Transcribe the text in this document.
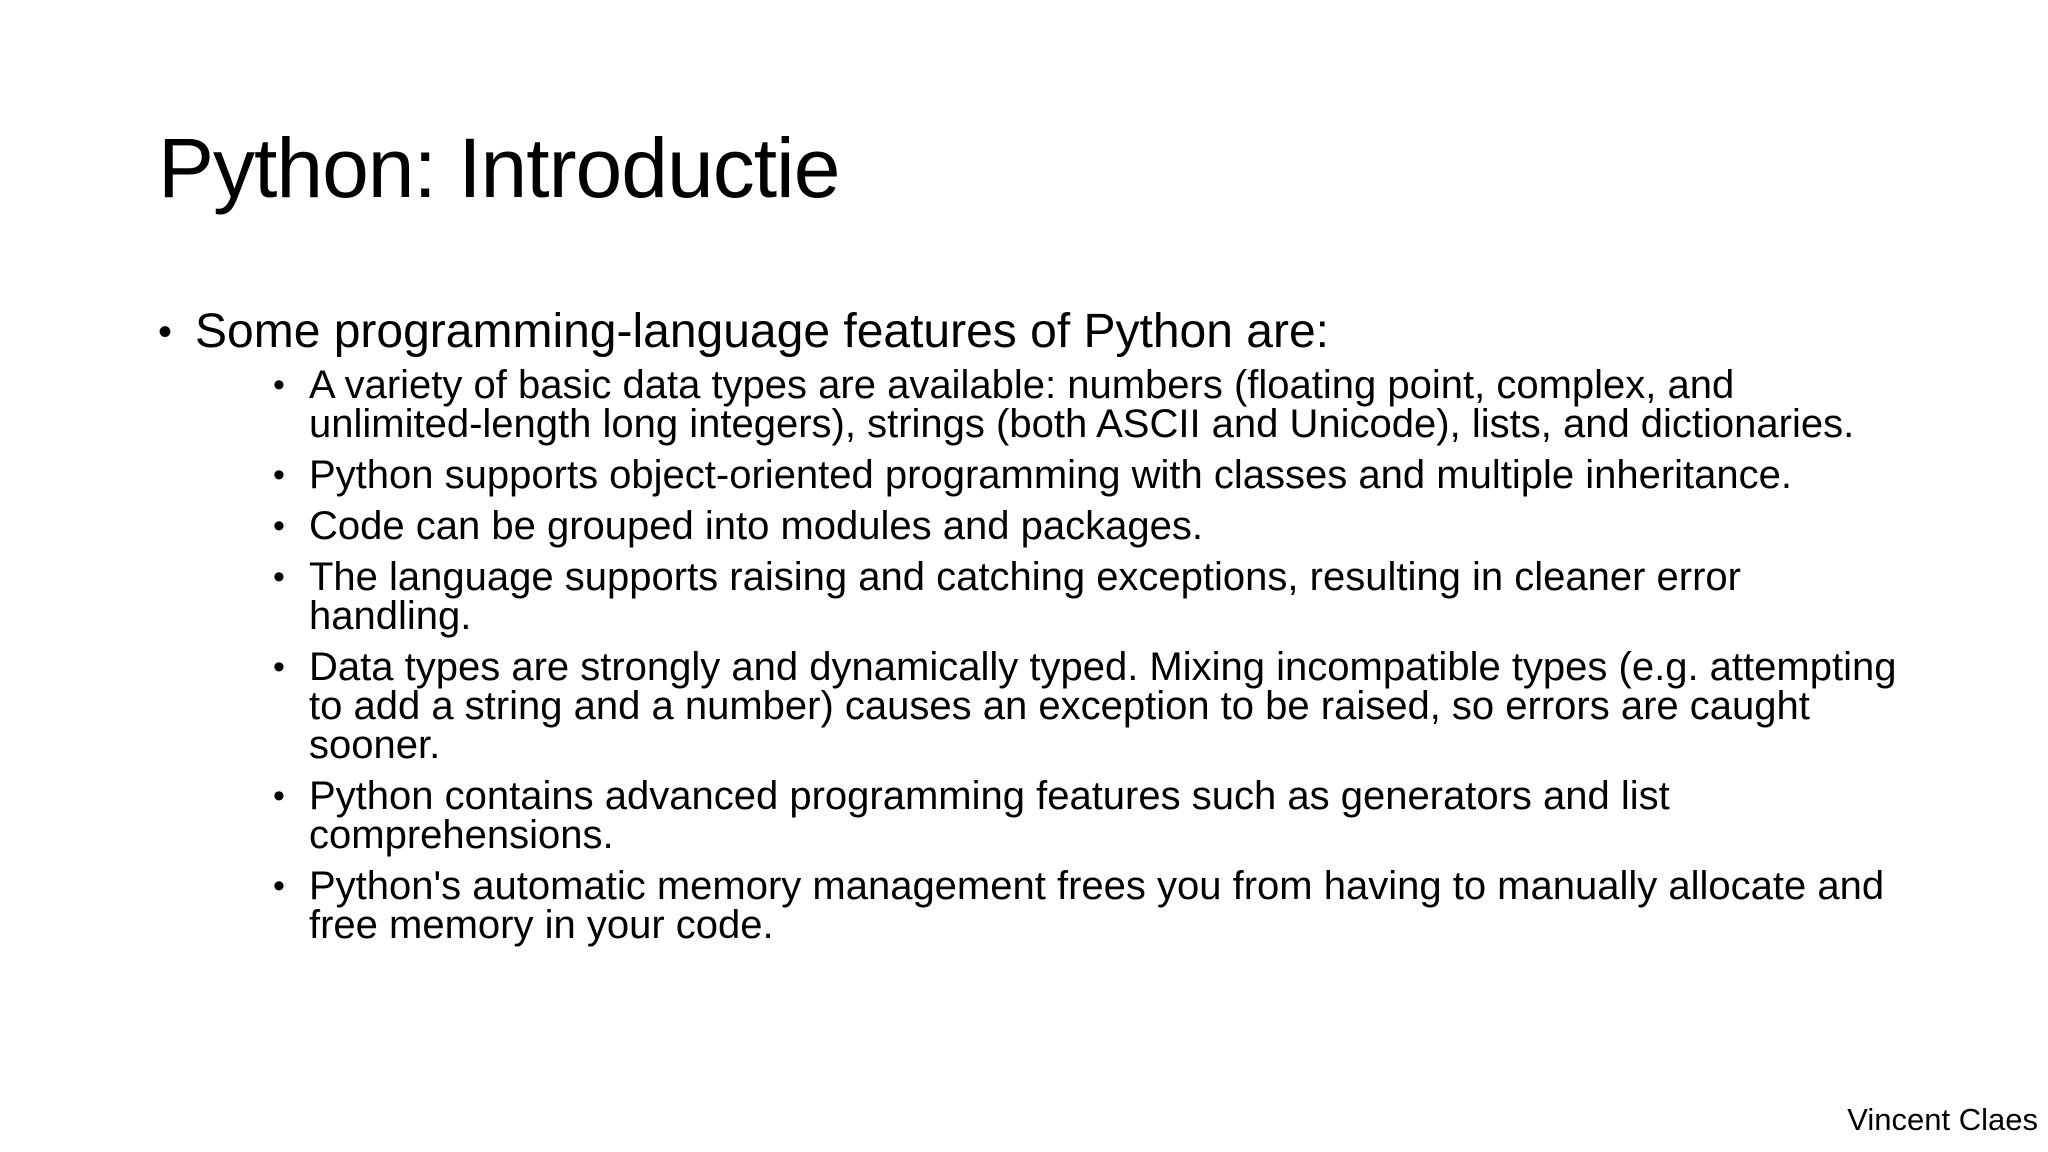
Python: Introductie
• Some programming-language features of Python are:
• A variety of basic data types are available: numbers (floating point, complex, and unlimited-length long integers), strings (both ASCII and Unicode), lists, and dictionaries.
• Python supports object-oriented programming with classes and multiple inheritance.
• Code can be grouped into modules and packages.
• The language supports raising and catching exceptions, resulting in cleaner error handling.
• Data types are strongly and dynamically typed. Mixing incompatible types (e.g. attempting to add a string and a number) causes an exception to be raised, so errors are caught sooner.
• Python contains advanced programming features such as generators and list comprehensions.
• Python's automatic memory management frees you from having to manually allocate and free memory in your code.
Vincent Claes
